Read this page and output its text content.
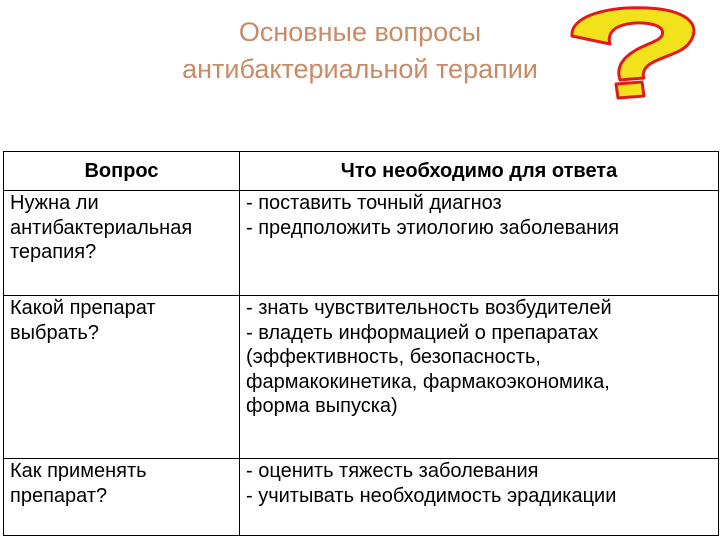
Основные вопросы
антибактериальной терапии
Вопрос	Что необходимо для ответа

Нужна ли
антибактериальная
терапия?	- поставить точный диагноз
- предположить этиологию заболевания

Какой препарат
выбрать?	- знать чувствительность возбудителей
- владеть информацией о препаратах
(эффективность, безопасность,
фармакокинетика, фармакоэкономика,
форма выпуска)

Как применять
препарат?	- оценить тяжесть заболевания
- учитывать необходимость эрадикации
